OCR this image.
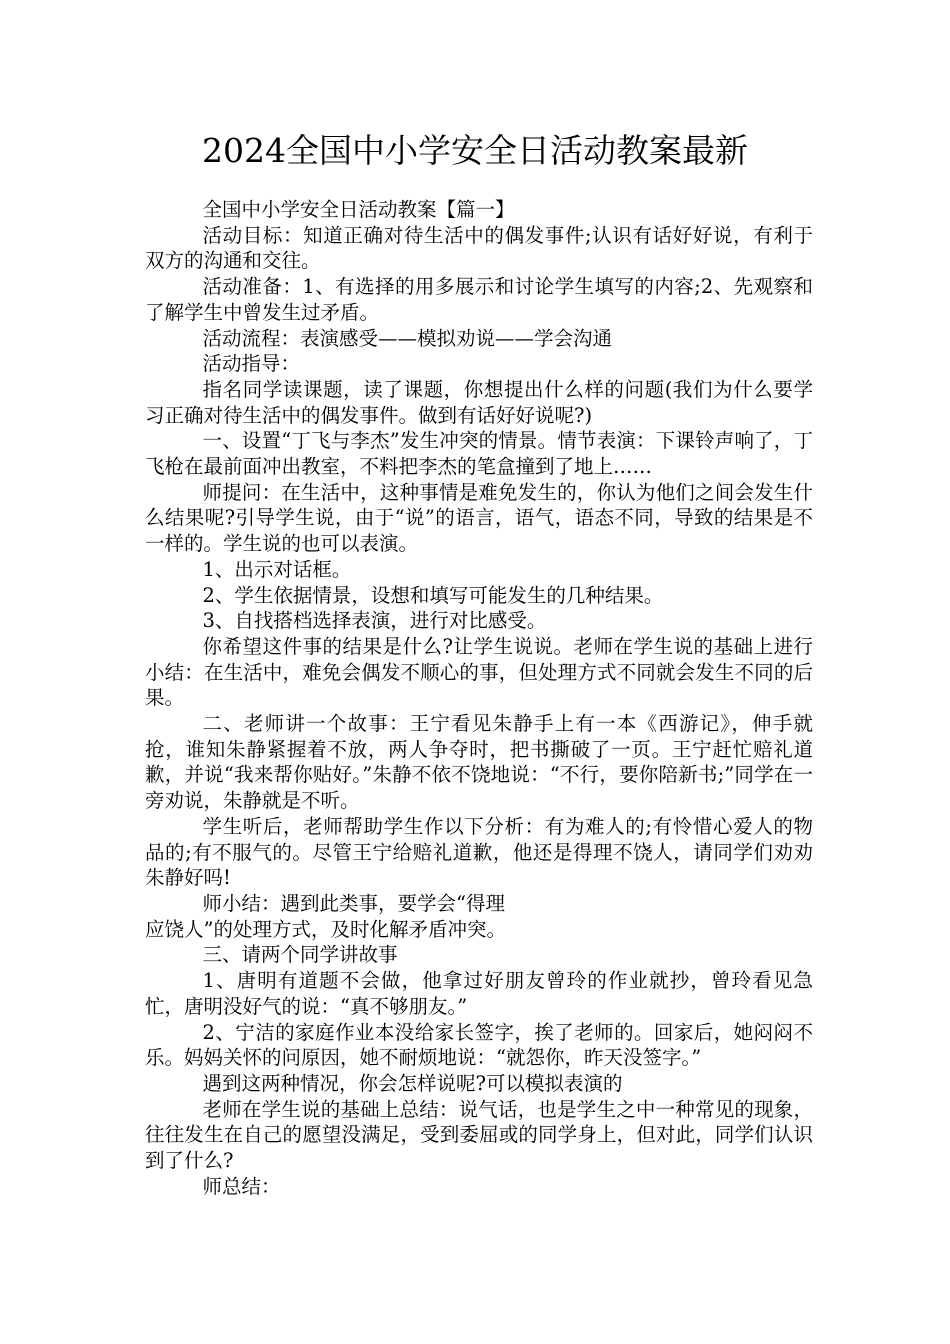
2024全国中小学安全日活动教案最新

全国中小学安全日活动教案【篇一】

活动目标：知道正确对待生活中的偶发事件;认识有话好好说，有利于双方的沟通和交往。

活动准备：1、有选择的用多展示和讨论学生填写的内容;2、先观察和了解学生中曾发生过矛盾。

活动流程：表演感受——模拟劝说——学会沟通

活动指导：

指名同学读课题，读了课题，你想提出什么样的问题(我们为什么要学习正确对待生活中的偶发事件。做到有话好好说呢?)

一、设置“丁飞与李杰”发生冲突的情景。情节表演：下课铃声响了，丁飞枪在最前面冲出教室，不料把李杰的笔盒撞到了地上……

师提问：在生活中，这种事情是难免发生的，你认为他们之间会发生什么结果呢?引导学生说，由于“说”的语言，语气，语态不同，导致的结果是不一样的。学生说的也可以表演。

1、出示对话框。

2、学生依据情景，设想和填写可能发生的几种结果。

3、自找搭档选择表演，进行对比感受。

你希望这件事的结果是什么?让学生说说。老师在学生说的基础上进行小结：在生活中，难免会偶发不顺心的事，但处理方式不同就会发生不同的后果。

二、老师讲一个故事：王宁看见朱静手上有一本《西游记》，伸手就抢，谁知朱静紧握着不放，两人争夺时，把书撕破了一页。王宁赶忙赔礼道歉，并说“我来帮你贴好。”朱静不依不饶地说：“不行，要你陪新书;”同学在一旁劝说，朱静就是不听。

学生听后，老师帮助学生作以下分析：有为难人的;有怜惜心爱人的物品的;有不服气的。尽管王宁给赔礼道歉，他还是得理不饶人，请同学们劝劝朱静好吗!

师小结：遇到此类事，要学会“得理

应饶人”的处理方式，及时化解矛盾冲突。

三、请两个同学讲故事

1、唐明有道题不会做，他拿过好朋友曾玲的作业就抄，曾玲看见急忙，唐明没好气的说：“真不够朋友。”

2、宁洁的家庭作业本没给家长签字，挨了老师的。回家后，她闷闷不乐。妈妈关怀的问原因，她不耐烦地说：“就怨你，昨天没签字。”

遇到这两种情况，你会怎样说呢?可以模拟表演的

老师在学生说的基础上总结：说气话，也是学生之中一种常见的现象，往往发生在自己的愿望没满足，受到委屈或的同学身上，但对此，同学们认识到了什么?

师总结：
